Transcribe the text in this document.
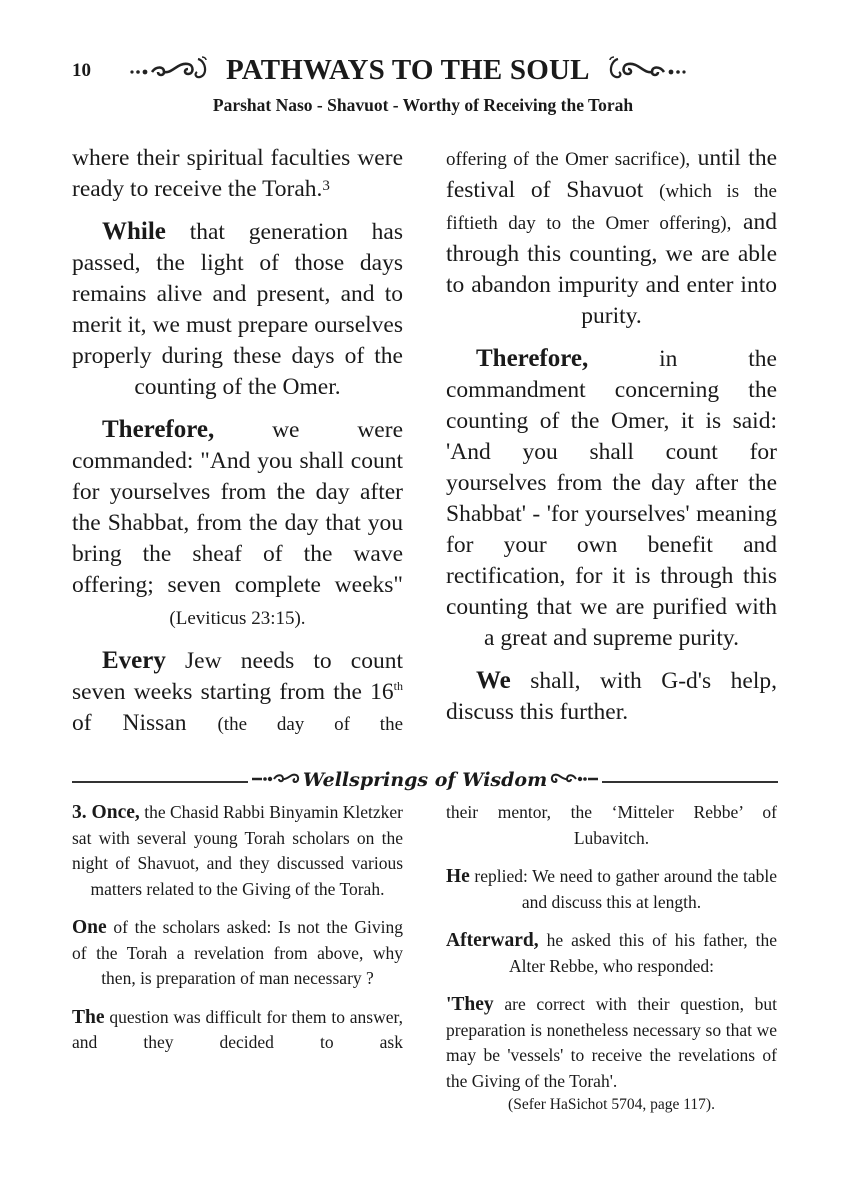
10	PATHWAYS TO THE SOUL
Parshat Naso - Shavuot - Worthy of Receiving the Torah

where their spiritual faculties were ready to receive the Torah.$^3$

While that generation has passed, the light of those days remains alive and present, and to merit it, we must prepare ourselves properly during these days of the counting of the Omer.

Therefore, we were commanded: "And you shall count for yourselves from the day after the Shabbat, from the day that you bring the sheaf of the wave offering; seven complete weeks" (Leviticus 23:15).

Every Jew needs to count seven weeks starting from the 16th of Nissan (the day of the

offering of the Omer sacrifice), until the festival of Shavuot (which is the fiftieth day to the Omer offering), and through this counting, we are able to abandon impurity and enter into purity.

Therefore, in the commandment concerning the counting of the Omer, it is said: 'And you shall count for yourselves from the day after the Shabbat' - 'for yourselves' meaning for your own benefit and rectification, for it is through this counting that we are purified with a great and supreme purity.

We shall, with G-d's help, discuss this further.

Wellsprings of Wisdom

3. Once, the Chasid Rabbi Binyamin Kletzker sat with several young Torah scholars on the night of Shavuot, and they discussed various matters related to the Giving of the Torah.

One of the scholars asked: Is not the Giving of the Torah a revelation from above, why then, is preparation of man necessary ?

The question was difficult for them to answer, and they decided to ask

their mentor, the ‘Mitteler Rebbe’ of Lubavitch.

He replied: We need to gather around the table and discuss this at length.

Afterward, he asked this of his father, the Alter Rebbe, who responded:

'They are correct with their question, but preparation is nonetheless necessary so that we may be 'vessels' to receive the revelations of the Giving of the Torah'.
(Sefer HaSichot 5704, page 117).
